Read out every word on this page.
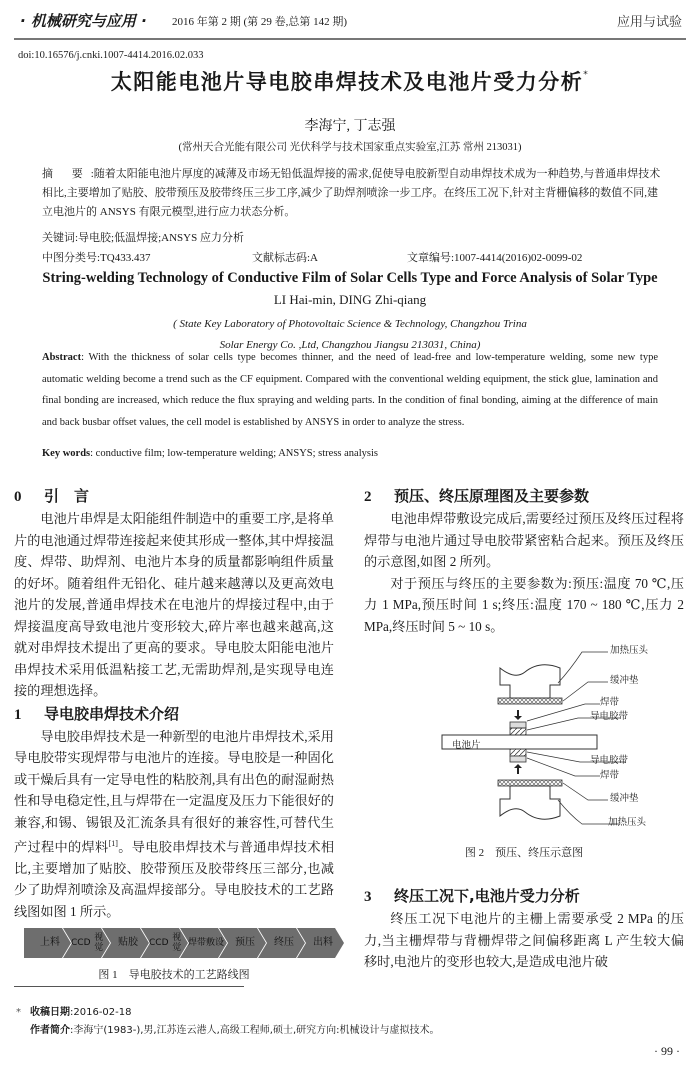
· 机械研究与应用 · 2016 年第 2 期 (第 29 卷,总第 142 期)	应用与试验
doi:10.16576/j.cnki.1007-4414.2016.02.033
太阳能电池片导电胶串焊技术及电池片受力分析*
李海宁, 丁志强
(常州天合光能有限公司 光伏科学与技术国家重点实验室,江苏 常州 213031)
摘 要:随着太阳能电池片厚度的减薄及市场无铅低温焊接的需求,促使导电胶新型自动串焊技术成为一种趋势,与普通串焊技术相比,主要增加了贴胶、胶带预压及胶带终压三步工序,减少了助焊剂喷涂一步工序。在终压工况下,针对主背栅偏移的数值不同,建立电池片的 ANSYS 有限元模型,进行应力状态分析。
关键词:导电胶;低温焊接;ANSYS 应力分析
中图分类号:TQ433.437	文献标志码:A	文章编号:1007-4414(2016)02-0099-02
String-welding Technology of Conductive Film of Solar Cells Type and Force Analysis of Solar Type
LI Hai-min, DING Zhi-qiang
( State Key Laboratory of Photovoltaic Science & Technology, Changzhou Trina
Solar Energy Co. ,Ltd, Changzhou Jiangsu 213031, China)
Abstract: With the thickness of solar cells type becomes thinner, and the need of lead-free and low-temperature welding, some new type automatic welding become a trend such as the CF equipment. Compared with the conventional welding equipment, the stick glue, lamination and final bonding are increased, which reduce the flux spraying and welding parts. In the condition of final bonding, aiming at the difference of main and back busbar offset values, the cell model is established by ANSYS in order to analyze the stress.
Key words: conductive film; low-temperature welding; ANSYS; stress analysis
0 引　言
电池片串焊是太阳能组件制造中的重要工序,是将单片的电池通过焊带连接起来使其形成一整体,其中焊接温度、焊带、助焊剂、电池片本身的质量都影响组件质量的好坏。随着组件无铅化、硅片越来越薄以及更高效电池片的发展,普通串焊技术在电池片的焊接过程中,由于焊接温度高导致电池片变形较大,碎片率也越来越高,这就对串焊技术提出了更高的要求。导电胶太阳能电池片串焊技术采用低温粘接工艺,无需助焊剂,是实现导电连接的理想选择。
1 导电胶串焊技术介绍
导电胶串焊技术是一种新型的电池片串焊技术,采用导电胶带实现焊带与电池片的连接。导电胶是一种固化或干燥后具有一定导电性的粘胶剂,具有出色的耐湿耐热性和导电稳定性,且与焊带在一定温度及压力下能很好的兼容,和锡、锡银及汇流条具有很好的兼容性,可替代生产过程中的焊料[1]。导电胶串焊技术与普通串焊技术相比,主要增加了贴胶、胶带预压及胶带终压三部分,也减少了助焊剂喷涂及高温焊接部分。导电胶技术的工艺路线图如图 1 所示。
上料 CCD 视觉	贴胶 CCD 视觉 焊带 敷设 预压 终压 出料
图 1　导电胶技术的工艺路线图
2 预压、终压原理图及主要参数
电池串焊带敷设完成后,需要经过预压及终压过程将焊带与电池片通过导电胶带紧密粘合起来。预压及终压的示意图,如图 2 所列。
对于预压与终压的主要参数为:预压:温度 70 ℃,压力 1 MPa,预压时间 1 s;终压:温度 170 ~ 180 ℃,压力 2 MPa,终压时间 5 ~ 10 s。
加热压头
缓冲垫
焊带
导电胶带
电池片
导电胶带
焊带
缓冲垫
加热压头
图 2　预压、终压示意图
3 终压工况下,电池片受力分析
终压工况下电池片的主栅上需要承受 2 MPa 的压力,当主栅焊带与背栅焊带之间偏移距离 L 产生较大偏移时,电池片的变形也较大,是造成电池片破
* 收稿日期:2016-02-18
作者简介:李海宁(1983-),男,江苏连云港人,高级工程师,硕士,研究方向:机械设计与虚拟技术。
· 99 ·
